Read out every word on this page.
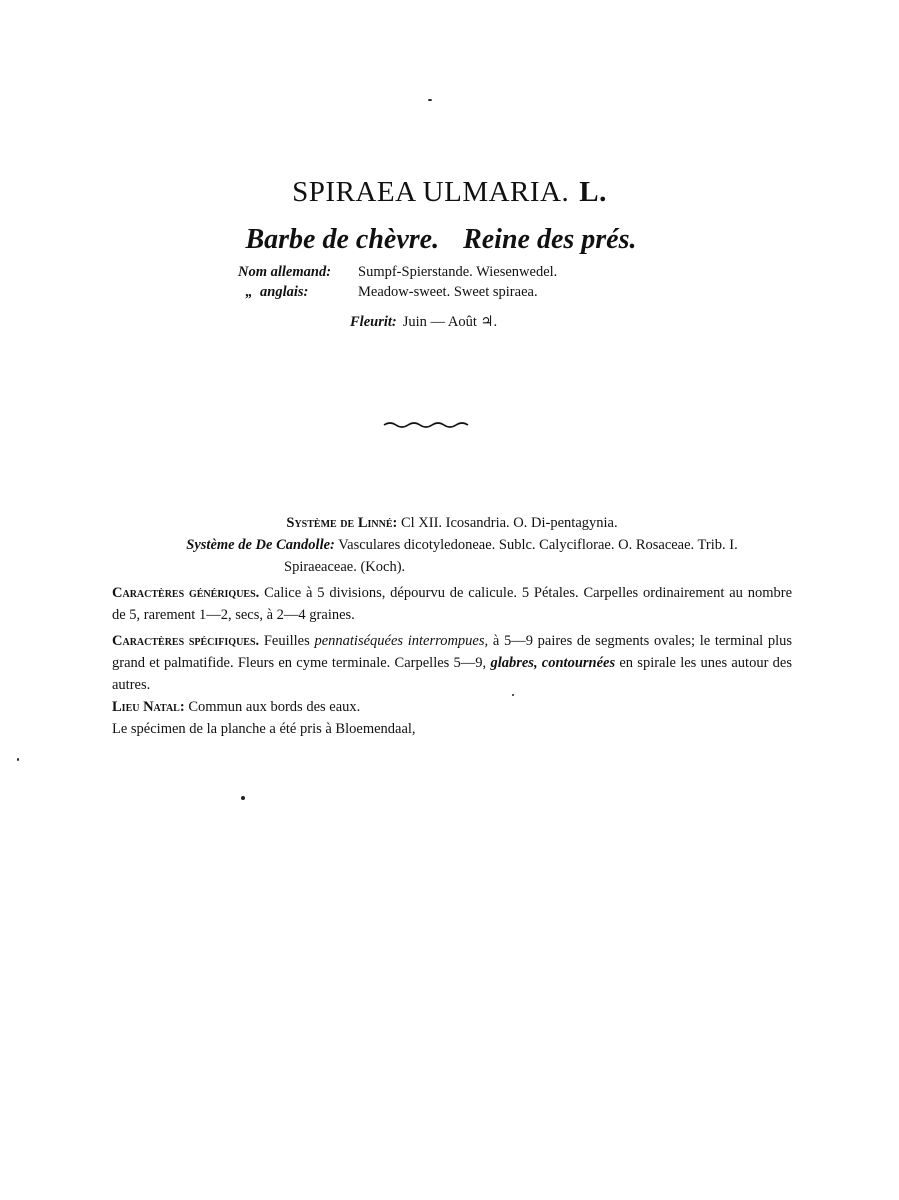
SPIRAEA ULMARIA. L.
Barbe de chèvre. Reine des prés.
Nom allemand:	Sumpf-Spierstande. Wiesenwedel.
„ anglais:	Meadow-sweet. Sweet spiraea.
Fleurit: Juin — Août ♃.

Système de Linné: Cl XII. Icosandria. O. Di-pentagynia.

Système de De Candolle: Vasculares dicotyledoneae. Sublc. Calyciflorae. O. Rosaceae. Trib. I.

Spiraeaceae. (Koch).

Caractères génériques. Calice à 5 divisions, dépourvu de calicule. 5 Pétales. Carpelles ordinairement au nombre de 5, rarement 1—2, secs, à 2—4 graines.

Caractères spécifiques. Feuilles pennatiséquées interrompues, à 5—9 paires de segments ovales; le terminal plus grand et palmatifide. Fleurs en cyme terminale. Carpelles 5—9, glabres, contournées en spirale les unes autour des autres.

Lieu Natal: Commun aux bords des eaux.

Le spécimen de la planche a été pris à Bloemendaal,
